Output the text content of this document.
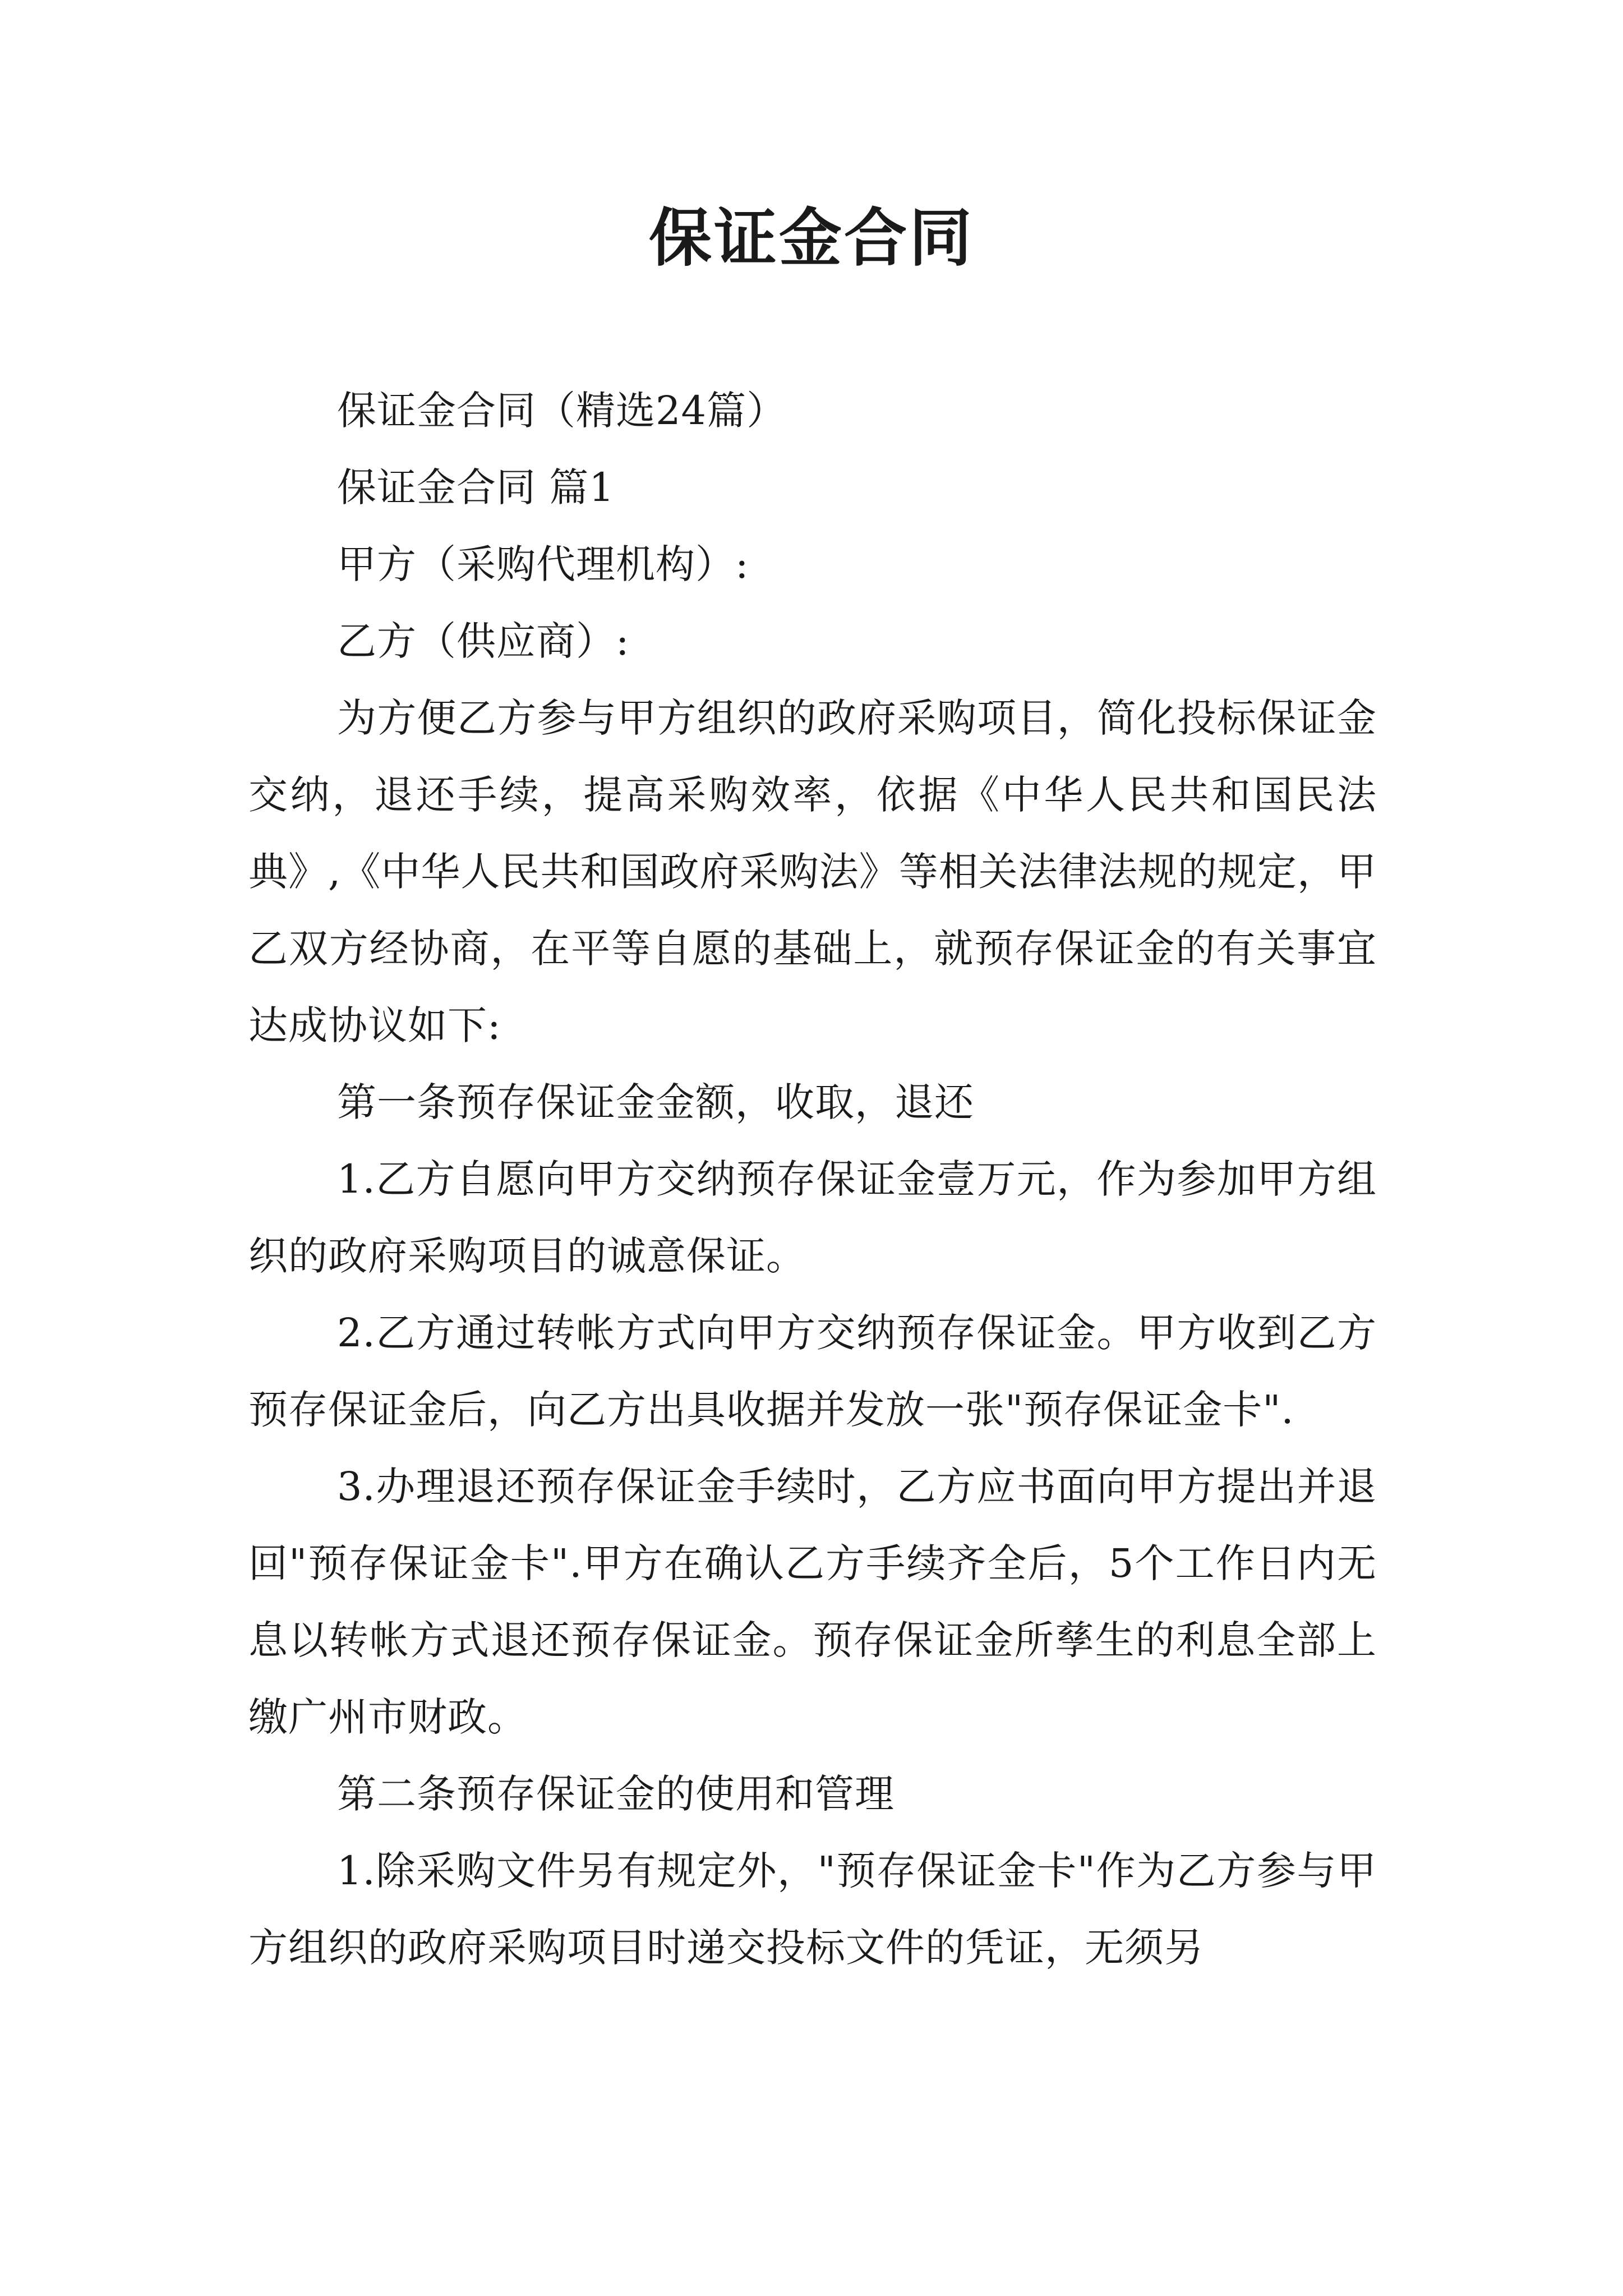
保证金合同

保证金合同（精选24篇）

保证金合同 篇1

甲方（采购代理机构）:

乙方（供应商）:

为方便乙方参与甲方组织的政府采购项目，简化投标保证金交纳，退还手续，提高采购效率，依据《中华人民共和国民法典》,《中华人民共和国政府采购法》等相关法律法规的规定，甲乙双方经协商，在平等自愿的基础上，就预存保证金的有关事宜达成协议如下:

第一条预存保证金金额，收取，退还

1.乙方自愿向甲方交纳预存保证金壹万元，作为参加甲方组织的政府采购项目的诚意保证。

2.乙方通过转帐方式向甲方交纳预存保证金。甲方收到乙方预存保证金后，向乙方出具收据并发放一张"预存保证金卡".

3.办理退还预存保证金手续时，乙方应书面向甲方提出并退回"预存保证金卡".甲方在确认乙方手续齐全后，5个工作日内无息以转帐方式退还预存保证金。预存保证金所孳生的利息全部上缴广州市财政。

第二条预存保证金的使用和管理

1.除采购文件另有规定外，"预存保证金卡"作为乙方参与甲方组织的政府采购项目时递交投标文件的凭证，无须另
